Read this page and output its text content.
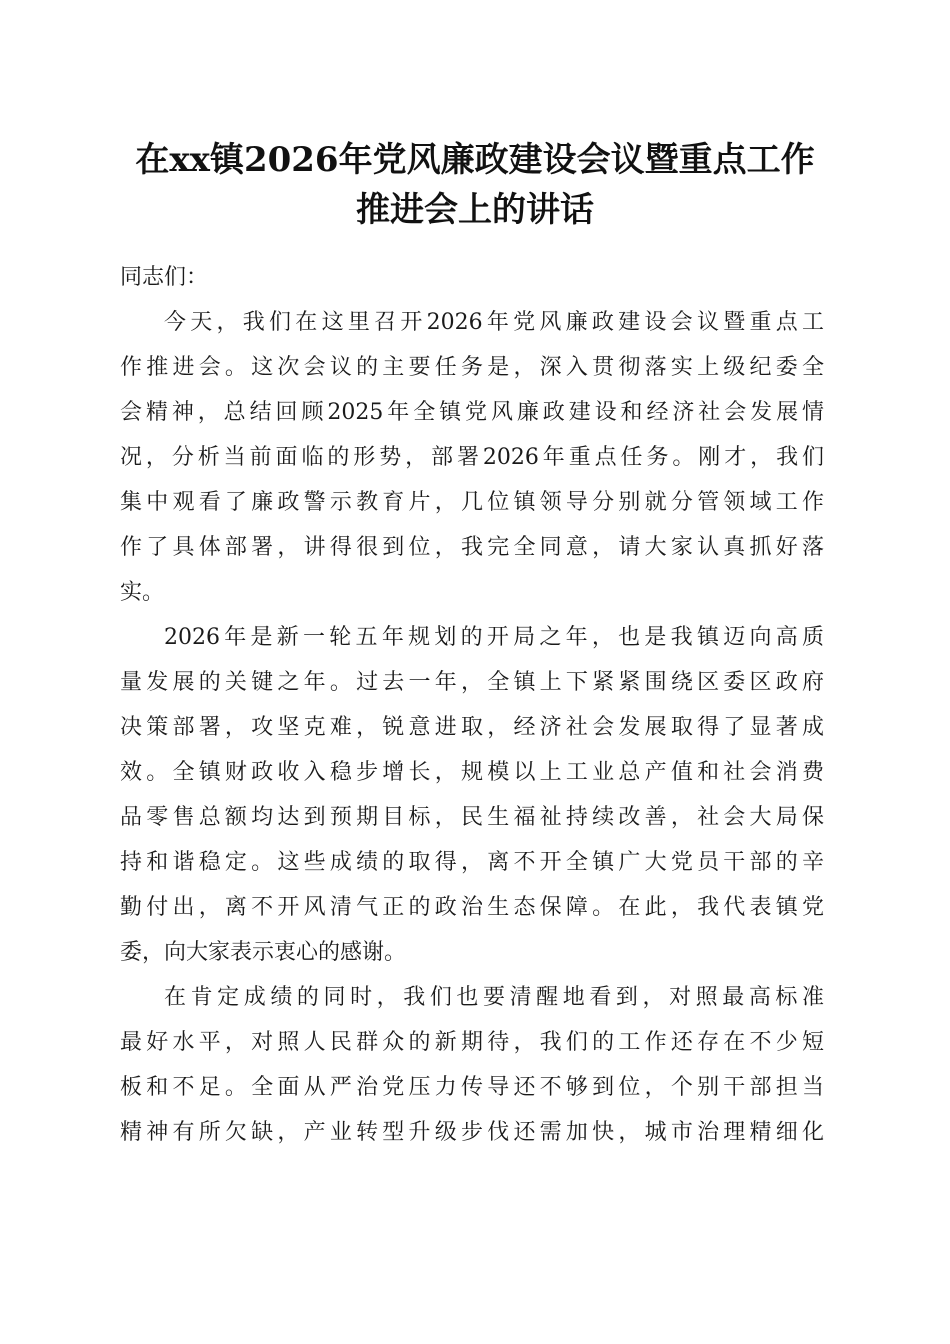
在xx镇2026年党风廉政建设会议暨重点工作
推进会上的讲话

同志们：

今天，我们在这里召开2026年党风廉政建设会议暨重点工
作推进会。这次会议的主要任务是，深入贯彻落实上级纪委全
会精神，总结回顾2025年全镇党风廉政建设和经济社会发展情
况，分析当前面临的形势，部署2026年重点任务。刚才，我们
集中观看了廉政警示教育片，几位镇领导分别就分管领域工作
作了具体部署，讲得很到位，我完全同意，请大家认真抓好落
实。

2026年是新一轮五年规划的开局之年，也是我镇迈向高质
量发展的关键之年。过去一年，全镇上下紧紧围绕区委区政府
决策部署，攻坚克难，锐意进取，经济社会发展取得了显著成
效。全镇财政收入稳步增长，规模以上工业总产值和社会消费
品零售总额均达到预期目标，民生福祉持续改善，社会大局保
持和谐稳定。这些成绩的取得，离不开全镇广大党员干部的辛
勤付出，离不开风清气正的政治生态保障。在此，我代表镇党
委，向大家表示衷心的感谢。

在肯定成绩的同时，我们也要清醒地看到，对照最高标准
最好水平，对照人民群众的新期待，我们的工作还存在不少短
板和不足。全面从严治党压力传导还不够到位，个别干部担当
精神有所欠缺，产业转型升级步伐还需加快，城市治理精细化
